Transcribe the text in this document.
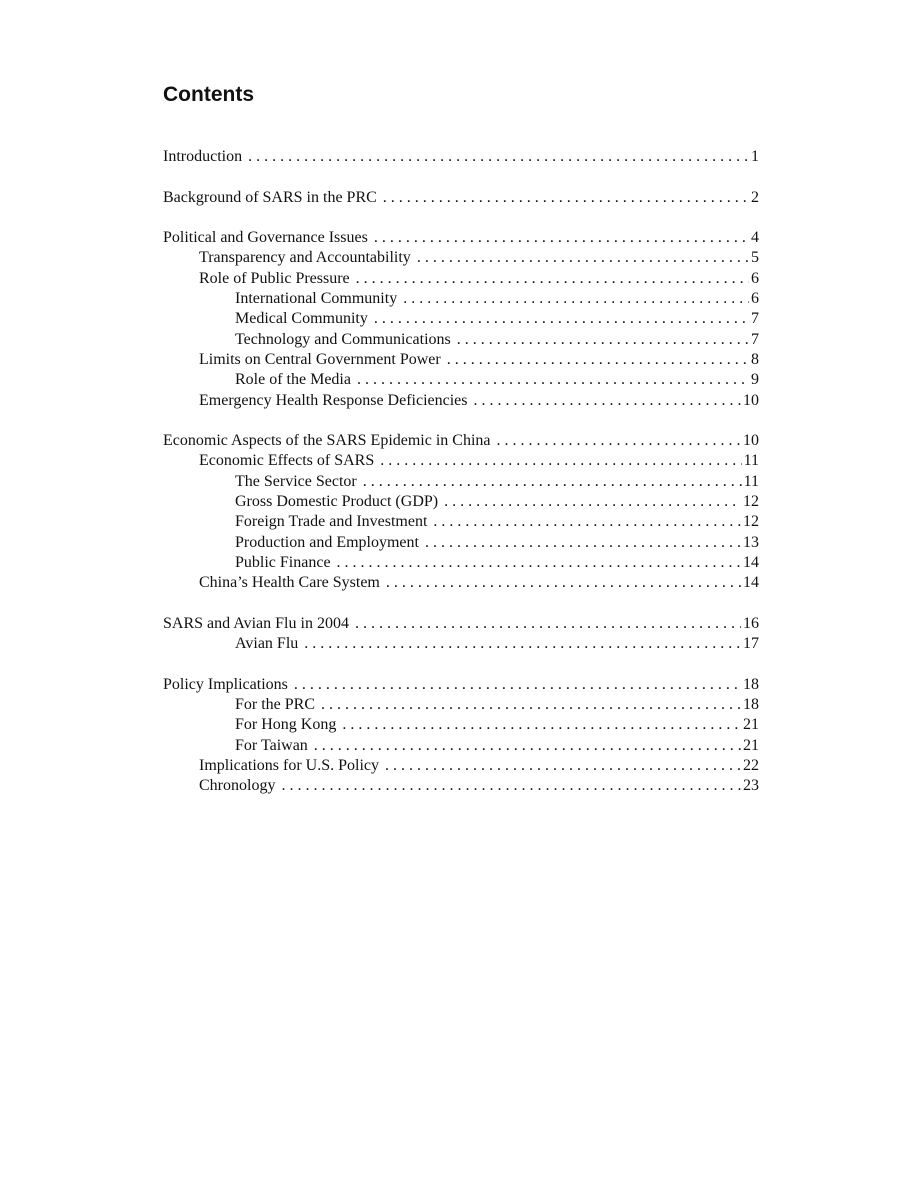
Contents
Introduction . . .	1
Background of SARS in the PRC . . .	2
Political and Governance Issues . . .	4
Transparency and Accountability . . .	5
Role of Public Pressure . . .	6
International Community . . .	6
Medical Community . . .	7
Technology and Communications . . .	7
Limits on Central Government Power . . .	8
Role of the Media . . .	9
Emergency Health Response Deficiencies . . .	10
Economic Aspects of the SARS Epidemic in China . . .	10
Economic Effects of SARS . . .	11
The Service Sector . . .	11
Gross Domestic Product (GDP) . . .	12
Foreign Trade and Investment . . .	12
Production and Employment . . .	13
Public Finance . . .	14
China’s Health Care System . . .	14
SARS and Avian Flu in 2004 . . .	16
Avian Flu . . .	17
Policy Implications . . .	18
For the PRC . . .	18
For Hong Kong . . .	21
For Taiwan . . .	21
Implications for U.S. Policy . . .	22
Chronology . . .	23
